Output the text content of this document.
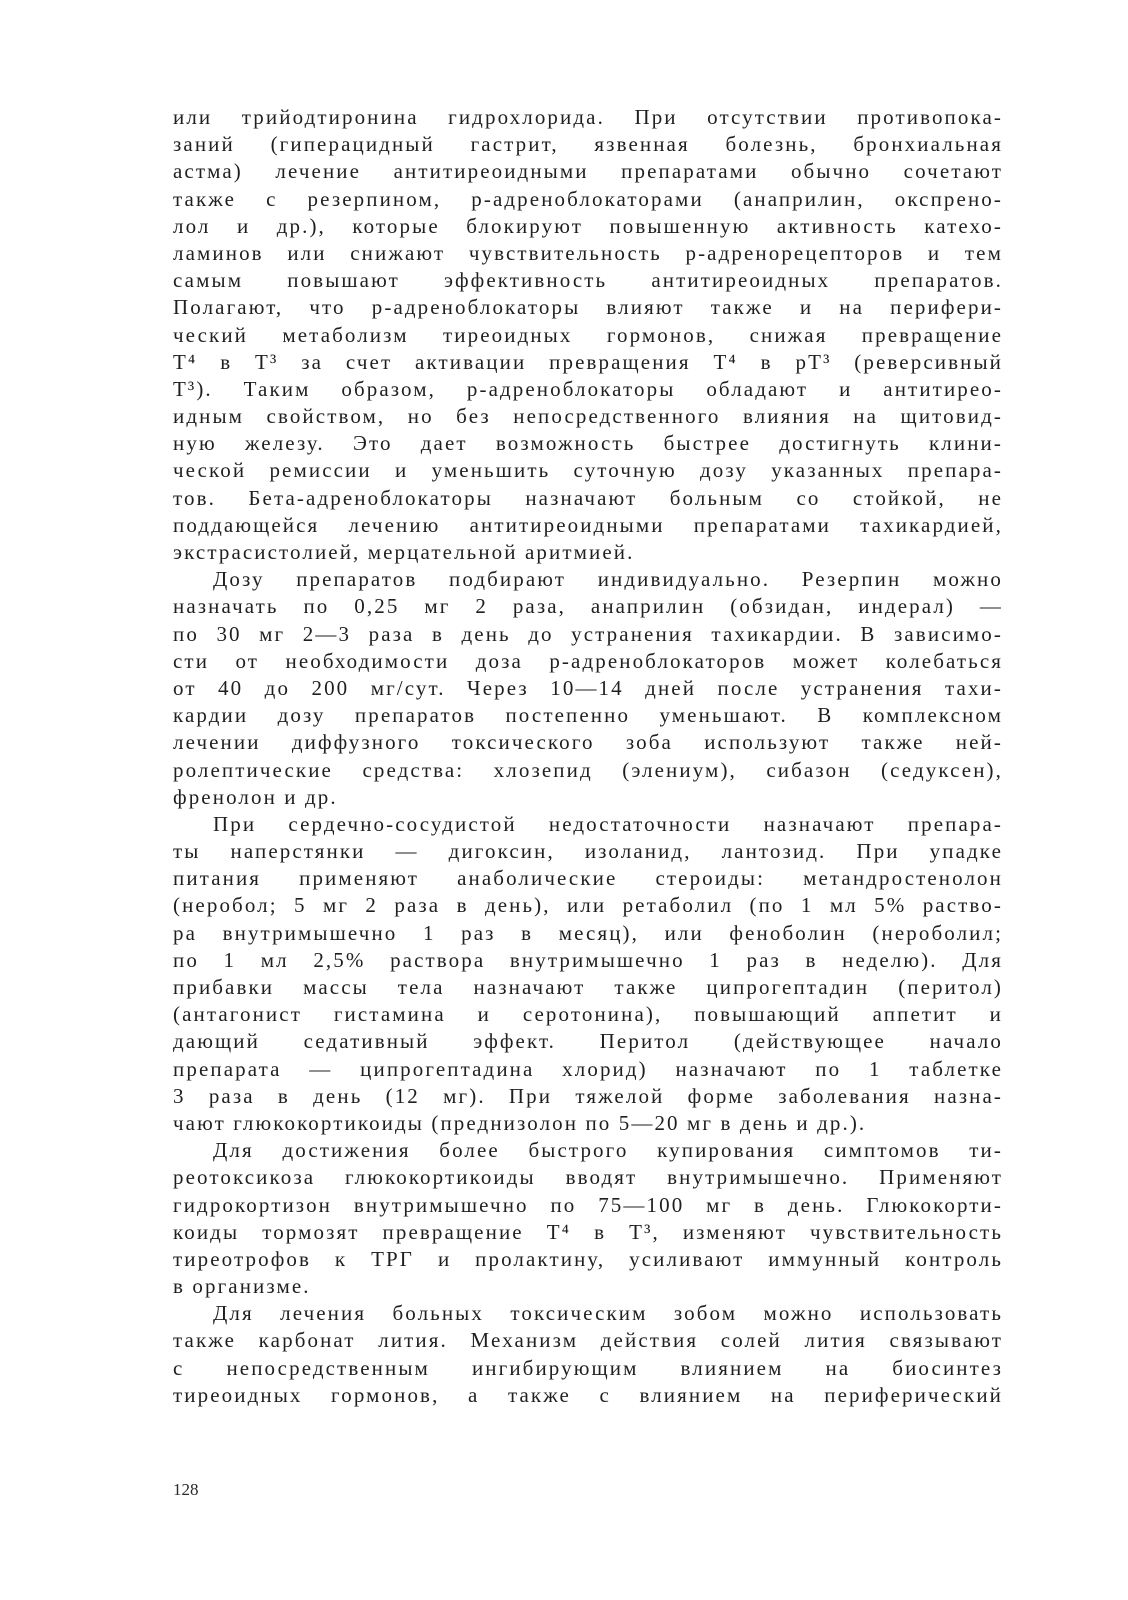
или трийодтиронина гидрохлорида. При отсутствии противопока-
заний (гиперацидный гастрит, язвенная болезнь, бронхиальная
астма) лечение антитиреоидными препаратами обычно сочетают
также с резерпином, р-адреноблокаторами (анаприлин, окспрено-
лол и др.), которые блокируют повышенную активность катехо-
ламинов или снижают чувствительность р-адренорецепторов и тем
самым повышают эффективность антитиреоидных препаратов.
Полагают, что р-адреноблокаторы влияют также и на перифери-
ческий метаболизм тиреоидных гормонов, снижая превращение
Т⁴ в Т³ за счет активации превращения Т⁴ в рТ³ (реверсивный
Т³). Таким образом, р-адреноблокаторы обладают и антитирео-
идным свойством, но без непосредственного влияния на щитовид-
ную железу. Это дает возможность быстрее достигнуть клини-
ческой ремиссии и уменьшить суточную дозу указанных препара-
тов. Бета-адреноблокаторы назначают больным со стойкой, не
поддающейся лечению антитиреоидными препаратами тахикардией,
экстрасистолией, мерцательной аритмией.
Дозу препаратов подбирают индивидуально. Резерпин можно
назначать по 0,25 мг 2 раза, анаприлин (обзидан, индерал) —
по 30 мг 2—3 раза в день до устранения тахикардии. В зависимо-
сти от необходимости доза р-адреноблокаторов может колебаться
от 40 до 200 мг/сут. Через 10—14 дней после устранения тахи-
кардии дозу препаратов постепенно уменьшают. В комплексном
лечении диффузного токсического зоба используют также ней-
ролептические средства: хлозепид (элениум), сибазон (седуксен),
френолон и др.
При сердечно-сосудистой недостаточности назначают препара-
ты наперстянки — дигоксин, изоланид, лантозид. При упадке
питания применяют анаболические стероиды: метандростенолон
(неробол; 5 мг 2 раза в день), или ретаболил (по 1 мл 5% раство-
ра внутримышечно 1 раз в месяц), или феноболин (нероболил;
по 1 мл 2,5% раствора внутримышечно 1 раз в неделю). Для
прибавки массы тела назначают также ципрогептадин (перитол)
(антагонист гистамина и серотонина), повышающий аппетит и
дающий седативный эффект. Перитол (действующее начало
препарата — ципрогептадина хлорид) назначают по 1 таблетке
3 раза в день (12 мг). При тяжелой форме заболевания назна-
чают глюкокортикоиды (преднизолон по 5—20 мг в день и др.).
Для достижения более быстрого купирования симптомов ти-
реотоксикоза глюкокортикоиды вводят внутримышечно. Применяют
гидрокортизон внутримышечно по 75—100 мг в день. Глюкокорти-
коиды тормозят превращение Т⁴ в Т³, изменяют чувствительность
тиреотрофов к ТРГ и пролактину, усиливают иммунный контроль
в организме.
Для лечения больных токсическим зобом можно использовать
также карбонат лития. Механизм действия солей лития связывают
с непосредственным ингибирующим влиянием на биосинтез
тиреоидных гормонов, а также с влиянием на периферический
128
